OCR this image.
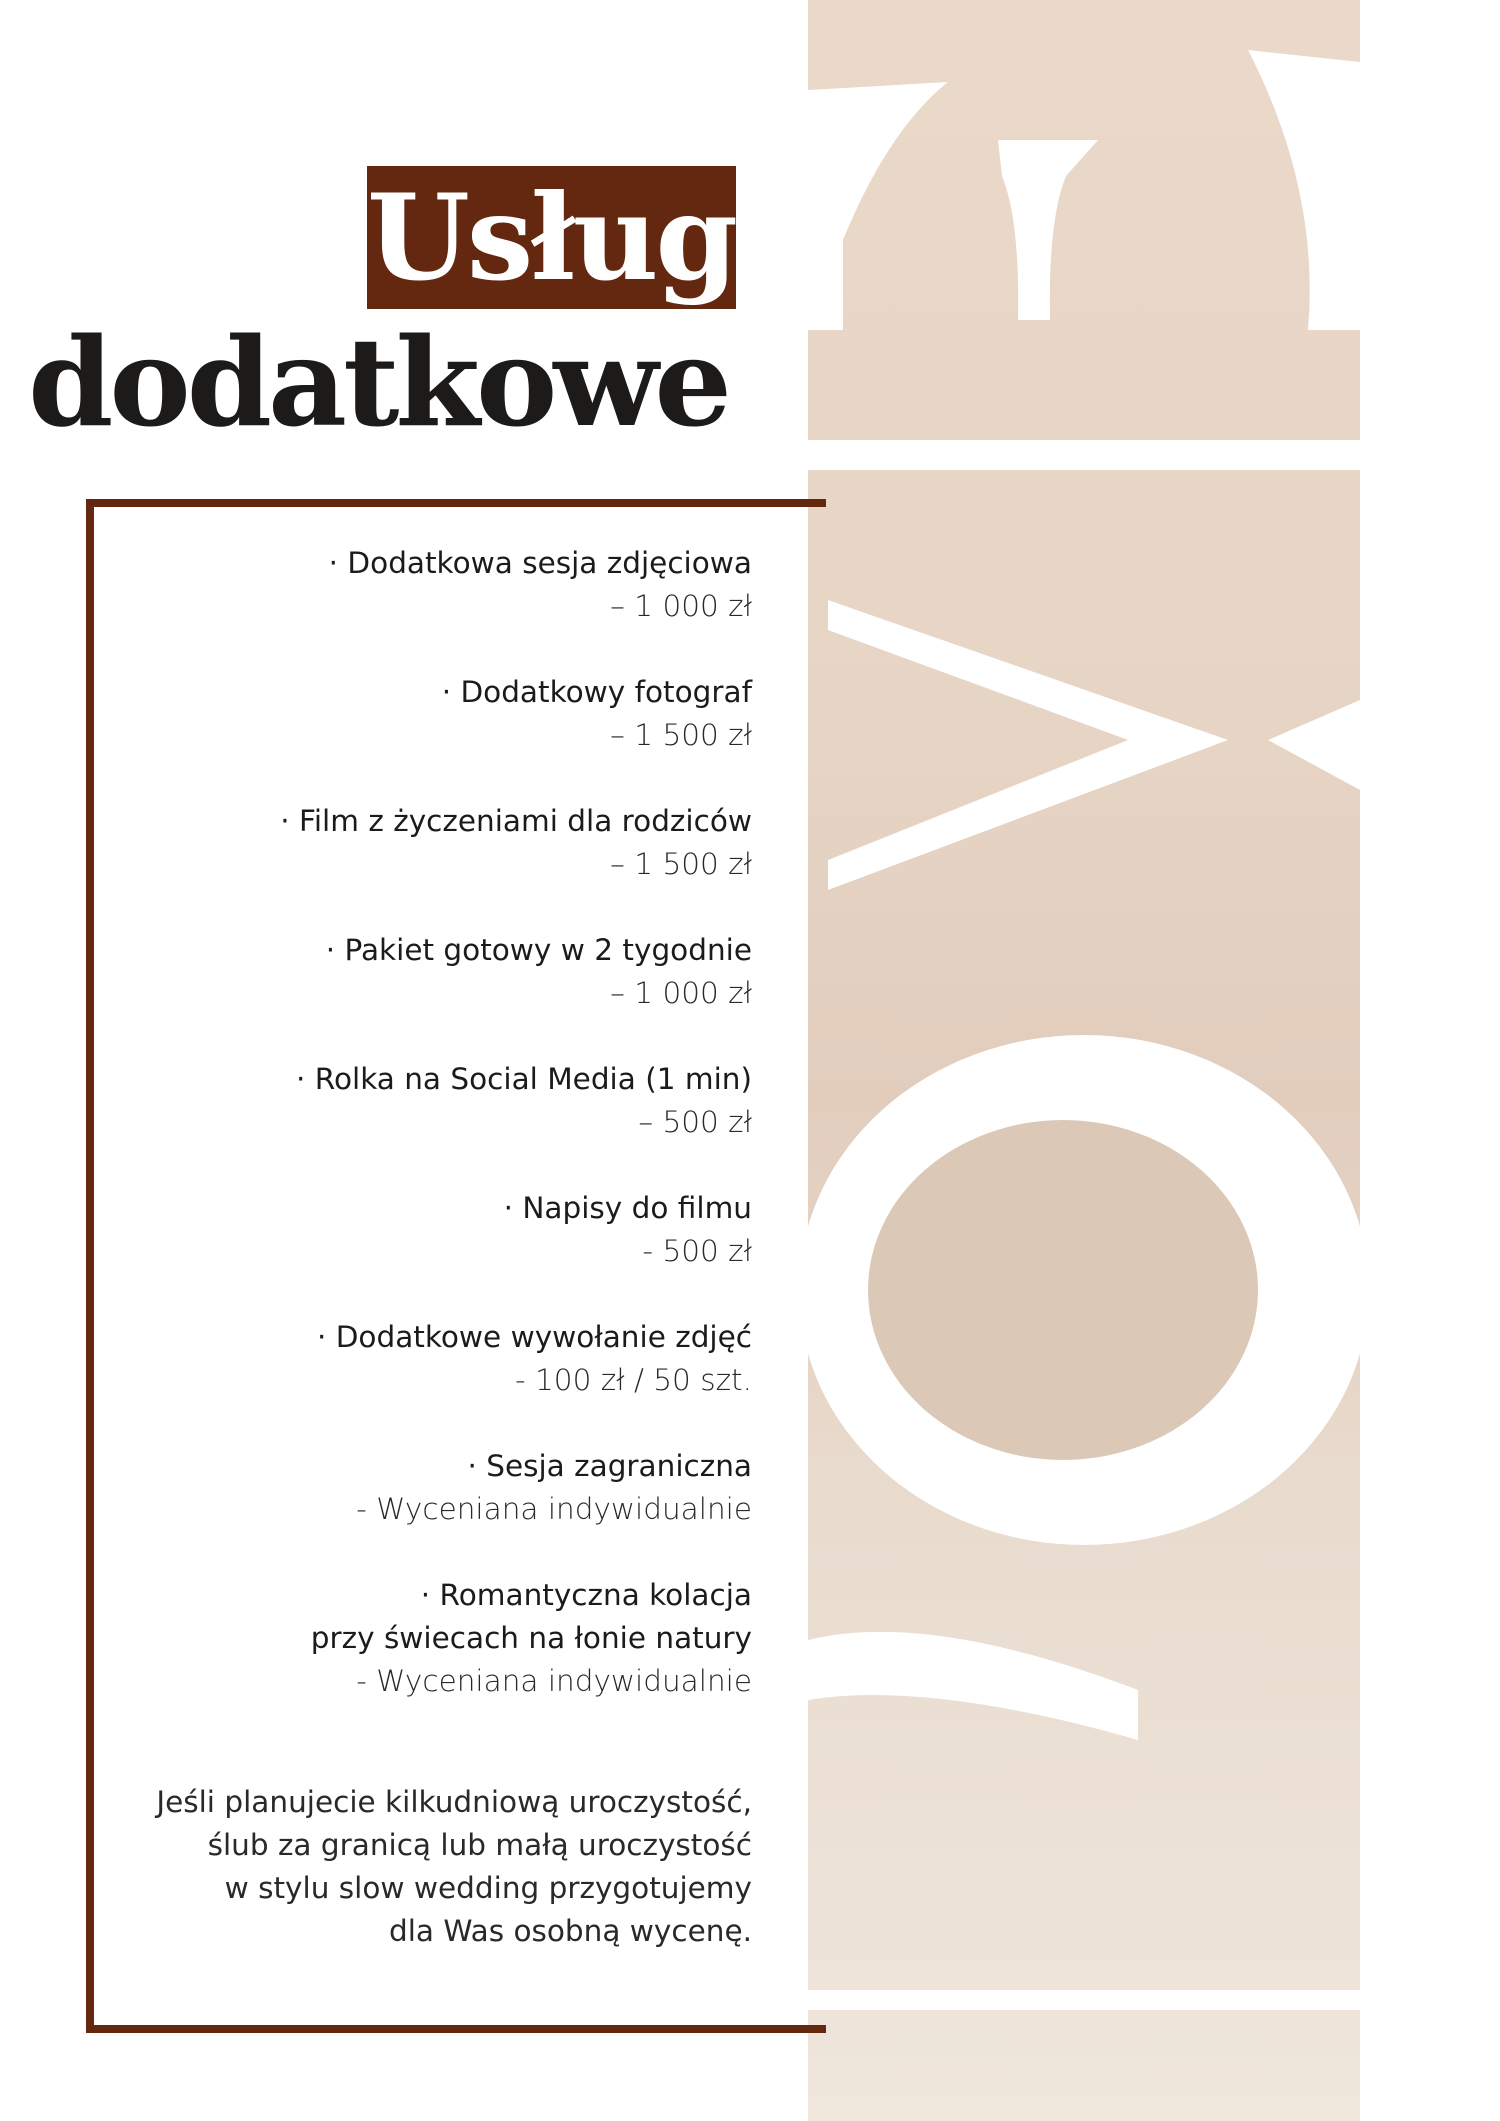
Usługi
dodatkowe
· Dodatkowa sesja zdjęciowa
– 1 000 zł
· Dodatkowy fotograf
– 1 500 zł
· Film z życzeniami dla rodziców
– 1 500 zł
· Pakiet gotowy w 2 tygodnie
– 1 000 zł
· Rolka na Social Media (1 min)
– 500 zł
· Napisy do filmu
- 500 zł
· Dodatkowe wywołanie zdjęć
- 100 zł / 50 szt.
· Sesja zagraniczna
- Wyceniana indywidualnie
· Romantyczna kolacja
przy świecach na łonie natury
- Wyceniana indywidualnie
Jeśli planujecie kilkudniową uroczystość,
ślub za granicą lub małą uroczystość
w stylu slow wedding przygotujemy
dla Was osobną wycenę.
